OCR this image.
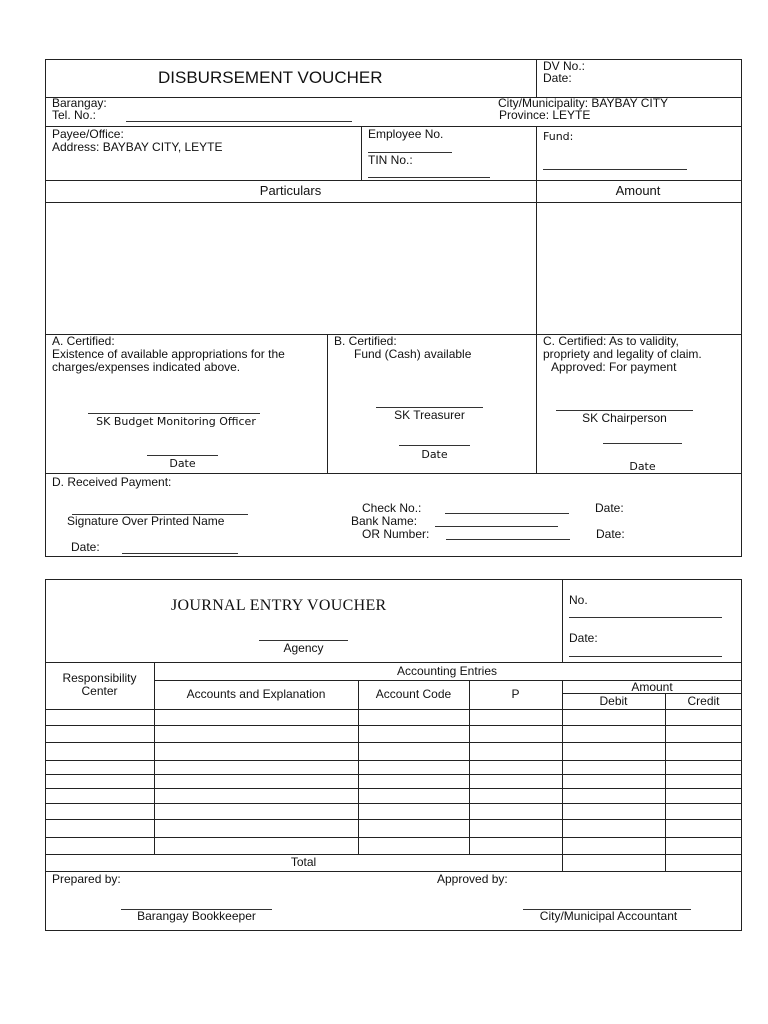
DISBURSEMENT VOUCHER
DV No.:
Date:
Barangay:
Tel. No.:
City/Municipality: BAYBAY CITY
Province: LEYTE
Payee/Office:
Address: BAYBAY CITY, LEYTE
Employee No.
TIN No.:
Fund:
Particulars	Amount
A. Certified:
Existence of available appropriations for the
charges/expenses indicated above.
SK Budget Monitoring Officer
Date
B. Certified:
Fund (Cash) available
SK Treasurer
Date
C. Certified: As to validity,
propriety and legality of claim.
Approved: For payment
SK Chairperson
Date
D. Received Payment:
Signature Over Printed Name
Date:
Check No.:
Bank Name:
OR Number:
Date:
Date:
JOURNAL ENTRY VOUCHER
Agency
No.
Date:
Responsibility
Center
Accounting Entries
Accounts and Explanation	Account Code	P	Amount
Debit	Credit
Total
Prepared by:	Approved by:
Barangay Bookkeeper	City/Municipal Accountant
